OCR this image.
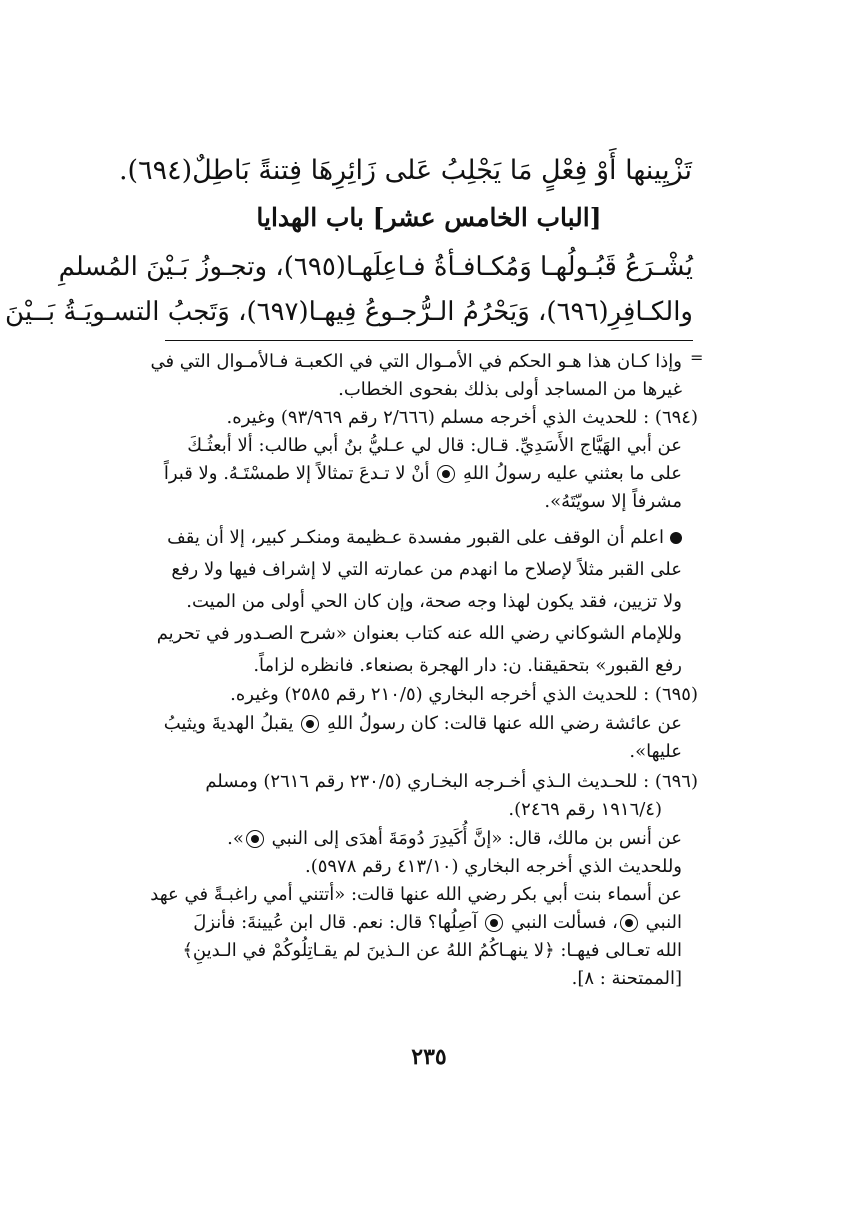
تَزْيِينها أَوْ فِعْلٍ مَا يَجْلِبُ عَلى زَائِرِهَا فِتنةً بَاطِلٌ(٦٩٤).
[الباب الخامس عشر] باب الهدايا
يُشْـرَعُ قَبُـولُهـا وَمُكـافـأةُ فـاعِلَهـا(٦٩٥)، وتجـوزُ بَـيْنَ المُسلمِ
والكـافِرِ(٦٩٦)، وَيَحْرُمُ الـرُّجـوعُ فِيهـا(٦٩٧)، وَتَجبُ التسـويَـةُ بَــيْنَ
=
وإذا كـان هذا هـو الحكم في الأمـوال التي في الكعبـة فـالأمـوال التي في
غيرها من المساجد أولى بذلك بفحوى الخطاب.
(٦٩٤) : للحديث الذي أخرجه مسلم (٢/٦٦٦ رقم ٩٣/٩٦٩) وغيره.
عن أبي الهَيَّاج الأَسَدِيِّ. قـال: قال لي عـليُّ بنُ أبي طالب: ألا أبعثُـكَ
على ما بعثني عليه رسولُ اللهِ  أنْ لا تـدعَ تمثالاً إلا طمسْتَـهُ. ولا قبراً
مشرفاً إلا سويّتَهُ».
اعلم أن الوقف على القبور مفسدة عـظيمة ومنكـر كبير، إلا أن يقف
على القبر مثلاً لإصلاح ما انهدم من عمارته التي لا إشراف فيها ولا رفع
ولا تزيين، فقد يكون لهذا وجه صحة، وإن كان الحي أولى من الميت.
وللإمام الشوكاني رضي الله عنه كتاب بعنوان «شرح الصـدور في تحريم
رفع القبور» بتحقيقنا. ن: دار الهجرة بصنعاء. فانظره لزاماً.
(٦٩٥) : للحديث الذي أخرجه البخاري (٢١٠/٥ رقم ٢٥٨٥) وغيره.
عن عائشة رضي الله عنها قالت: كان رسولُ اللهِ  يقبلُ الهديةَ ويثيبُ
عليها».
(٦٩٦) : للحـديث الـذي أخـرجه البخـاري (٢٣٠/٥ رقم ٢٦١٦) ومسلم
(١٩١٦/٤ رقم ٢٤٦٩).
عن أنس بن مالك، قال: «إنَّ أُكَيدِرَ دُومَةَ أهدَى إلى النبي ».
وللحديث الذي أخرجه البخاري (٤١٣/١٠ رقم ٥٩٧٨).
عن أسماء بنت أبي بكر رضي الله عنها قالت: «أتتني أمي راغبـةً في عهد
النبي ، فسألت النبي  آصِلُها؟ قال: نعم. قال ابن عُيينةَ: فأنزلَ
الله تعـالى فيهـا: ﴿لا ينهـاكُمُ اللهُ عن الـذينَ لم يقـاتِلُوكُمْ في الـدينِ﴾
[الممتحنة : ٨].
٢٣٥
